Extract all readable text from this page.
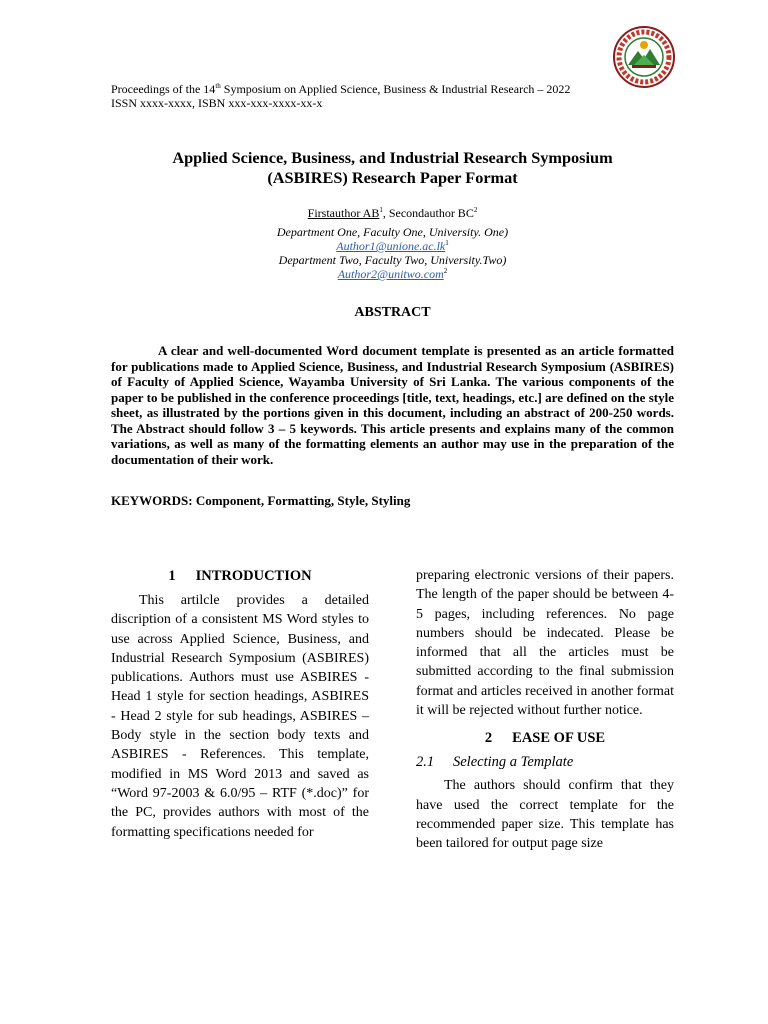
Proceedings of the 14th Symposium on Applied Science, Business & Industrial Research – 2022
ISSN xxxx-xxxx, ISBN xxx-xxx-xxxx-xx-x
Applied Science, Business, and Industrial Research Symposium
(ASBIRES) Research Paper Format
Firstauthor $AB^1$, Secondauthor $BC^2$
Department One, Faculty One, University. One)
$Author1@unione.ac.lk^1$
Department Two, Faculty Two, University.Two)
Author2@unitwo.com$^2$
ABSTRACT

A clear and well-documented Word document template is presented as an article formatted for publications made to Applied Science, Business, and Industrial Research Symposium (ASBIRES) of Faculty of Applied Science, Wayamba University of Sri Lanka. The various components of the paper to be published in the conference proceedings [title, text, headings, etc.] are defined on the style sheet, as illustrated by the portions given in this document, including an abstract of 200-250 words. The Abstract should follow 3 – 5 keywords. This article presents and explains many of the common variations, as well as many of the formatting elements an author may use in the preparation of the documentation of their work.

KEYWORDS: Component, Formatting, Style, Styling
1 INTRODUCTION

This artilcle provides a detailed discription of a consistent MS Word styles to use across Applied Science, Business, and Industrial Research Symposium (ASBIRES) publications. Authors must use ASBIRES - Head 1 style for section headings, ASBIRES - Head 2 style for sub headings, ASBIRES – Body style in the section body texts and ASBIRES - References. This template, modified in MS Word 2013 and saved as “Word 97-2003 & 6.0/95 – RTF (*.doc)” for the PC, provides authors with most of the formatting specifications needed for

preparing electronic versions of their papers. The length of the paper should be between 4-5 pages, including references. No page numbers should be indecated. Please be informed that all the articles must be submitted according to the final submission format and articles received in another format it will be rejected without further notice.

2 EASE OF USE
2.1 Selecting a Template

The authors should confirm that they have used the correct template for the recommended paper size. This template has been tailored for output page size
